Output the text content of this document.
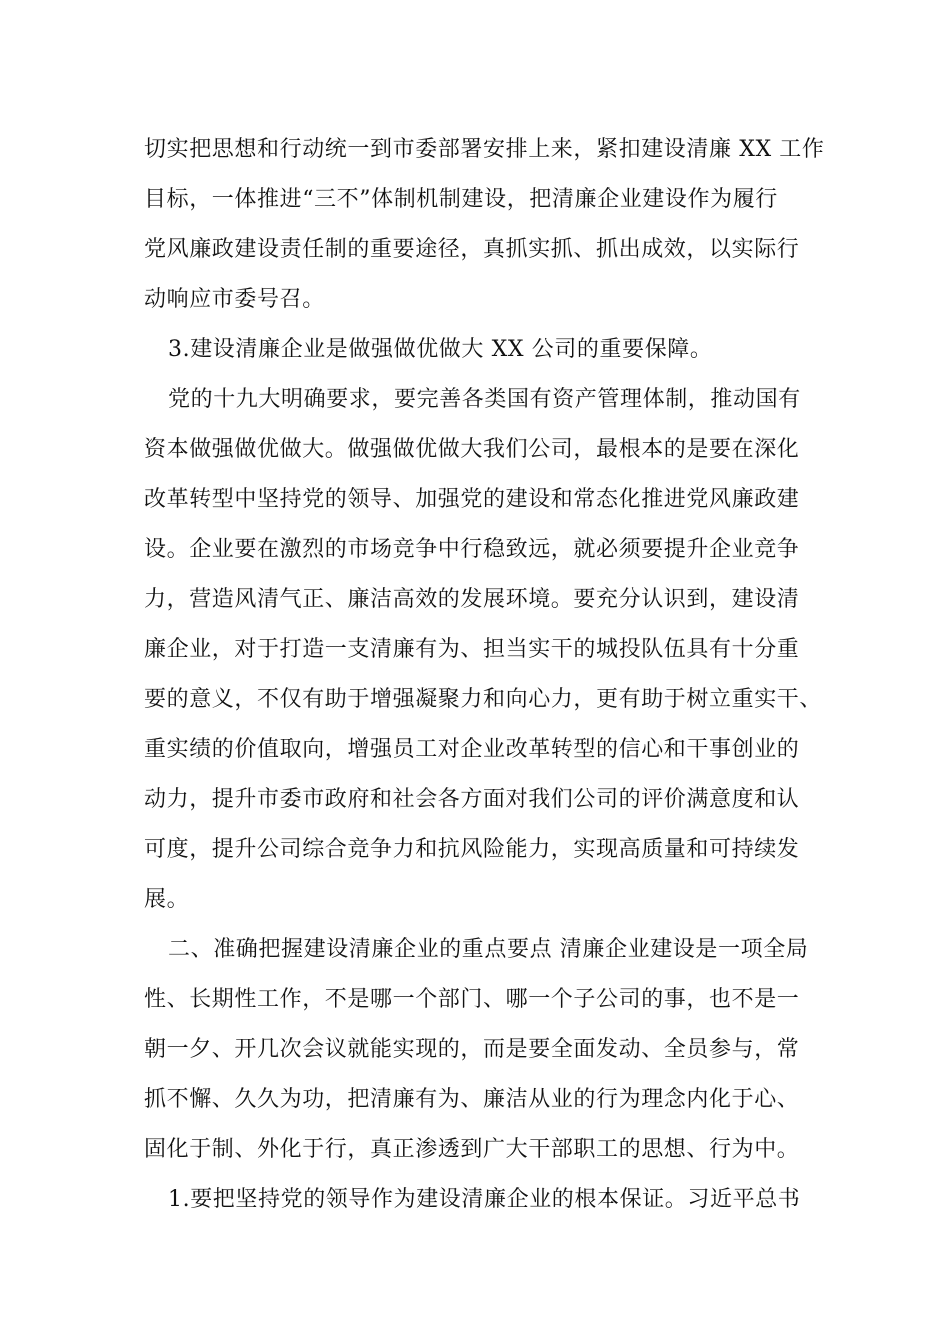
切实把思想和行动统一到市委部署安排上来，紧扣建设清廉 XX 工作
目标，一体推进“三不”体制机制建设，把清廉企业建设作为履行
党风廉政建设责任制的重要途径，真抓实抓、抓出成效，以实际行
动响应市委号召。
3.建设清廉企业是做强做优做大 XX 公司的重要保障。
党的十九大明确要求，要完善各类国有资产管理体制，推动国有
资本做强做优做大。做强做优做大我们公司，最根本的是要在深化
改革转型中坚持党的领导、加强党的建设和常态化推进党风廉政建
设。企业要在激烈的市场竞争中行稳致远，就必须要提升企业竞争
力，营造风清气正、廉洁高效的发展环境。要充分认识到，建设清
廉企业，对于打造一支清廉有为、担当实干的城投队伍具有十分重
要的意义，不仅有助于增强凝聚力和向心力，更有助于树立重实干、
重实绩的价值取向，增强员工对企业改革转型的信心和干事创业的
动力，提升市委市政府和社会各方面对我们公司的评价满意度和认
可度，提升公司综合竞争力和抗风险能力，实现高质量和可持续发
展。
二、准确把握建设清廉企业的重点要点 清廉企业建设是一项全局
性、长期性工作，不是哪一个部门、哪一个子公司的事，也不是一
朝一夕、开几次会议就能实现的，而是要全面发动、全员参与，常
抓不懈、久久为功，把清廉有为、廉洁从业的行为理念内化于心、
固化于制、外化于行，真正渗透到广大干部职工的思想、行为中。
1.要把坚持党的领导作为建设清廉企业的根本保证。习近平总书
